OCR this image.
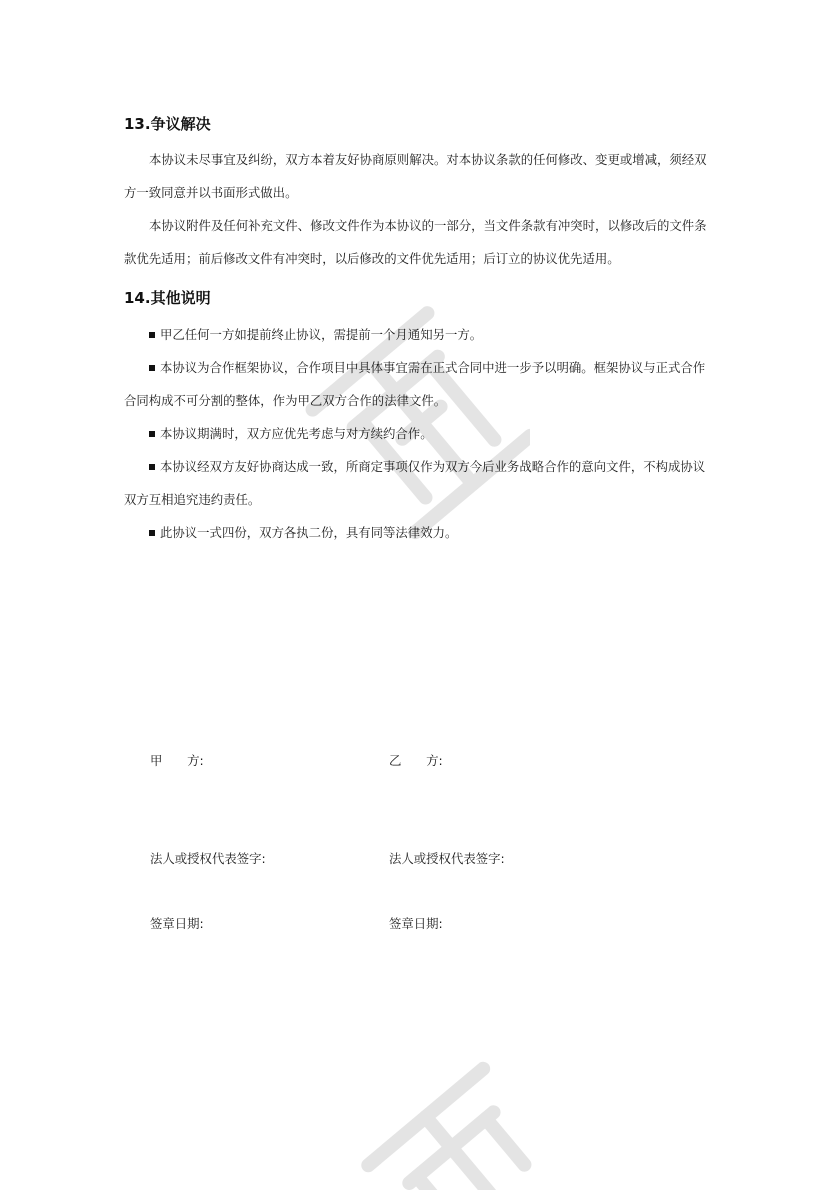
13.争议解决

本协议未尽事宜及纠纷，双方本着友好协商原则解决。对本协议条款的任何修改、变更或增减，须经双方一致同意并以书面形式做出。

本协议附件及任何补充文件、修改文件作为本协议的一部分，当文件条款有冲突时，以修改后的文件条款优先适用；前后修改文件有冲突时，以后修改的文件优先适用；后订立的协议优先适用。

14.其他说明

甲乙任何一方如提前终止协议，需提前一个月通知另一方。

本协议为合作框架协议，合作项目中具体事宜需在正式合同中进一步予以明确。框架协议与正式合作合同构成不可分割的整体，作为甲乙双方合作的法律文件。

本协议期满时，双方应优先考虑与对方续约合作。

本协议经双方友好协商达成一致，所商定事项仅作为双方今后业务战略合作的意向文件，不构成协议双方互相追究违约责任。

此协议一式四份，双方各执二份，具有同等法律效力。

甲　　方:	乙　　方:
法人或授权代表签字:	法人或授权代表签字:
签章日期:	签章日期:
